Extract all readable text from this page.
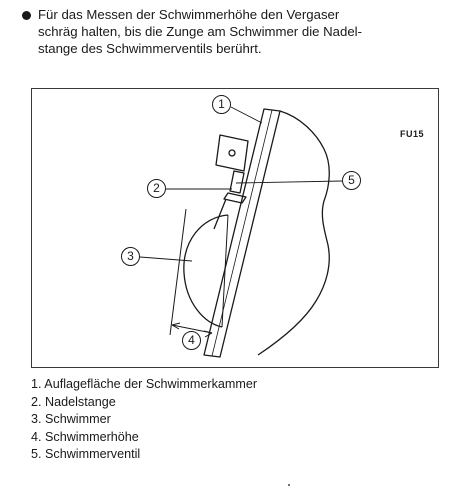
Für das Messen der Schwimmerhöhe den Vergaser
schräg halten, bis die Zunge am Schwimmer die Nadel-
stange des Schwimmerventils berührt.
FU15
1
2
5
3
4
1. Auflagefläche der Schwimmerkammer
2. Nadelstange
3. Schwimmer
4. Schwimmerhöhe
5. Schwimmerventil
